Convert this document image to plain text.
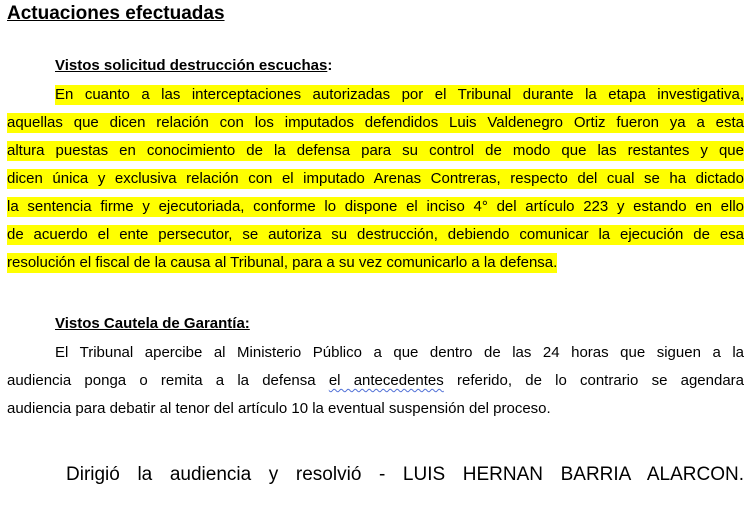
Actuaciones efectuadas
Vistos solicitud destrucción escuchas:
En cuanto a las interceptaciones autorizadas por el Tribunal durante la etapa investigativa,
aquellas que dicen relación con los imputados defendidos Luis Valdenegro Ortiz fueron ya a esta
altura puestas en conocimiento de la defensa para su control de modo que las restantes y que
dicen única y exclusiva relación con el imputado Arenas Contreras, respecto del cual se ha dictado
la sentencia firme y ejecutoriada, conforme lo dispone el inciso 4° del artículo 223 y estando en ello
de acuerdo el ente persecutor, se autoriza su destrucción, debiendo comunicar la ejecución de esa
resolución el fiscal de la causa al Tribunal, para a su vez comunicarlo a la defensa.
Vistos Cautela de Garantía:
El Tribunal apercibe al Ministerio Público a que dentro de las 24 horas que siguen a la
audiencia ponga o remita a la defensa el antecedentes referido, de lo contrario se agendara
audiencia para debatir al tenor del artículo 10 la eventual suspensión del proceso.
Dirigió la audiencia y resolvió - LUIS HERNAN BARRIA ALARCON.
